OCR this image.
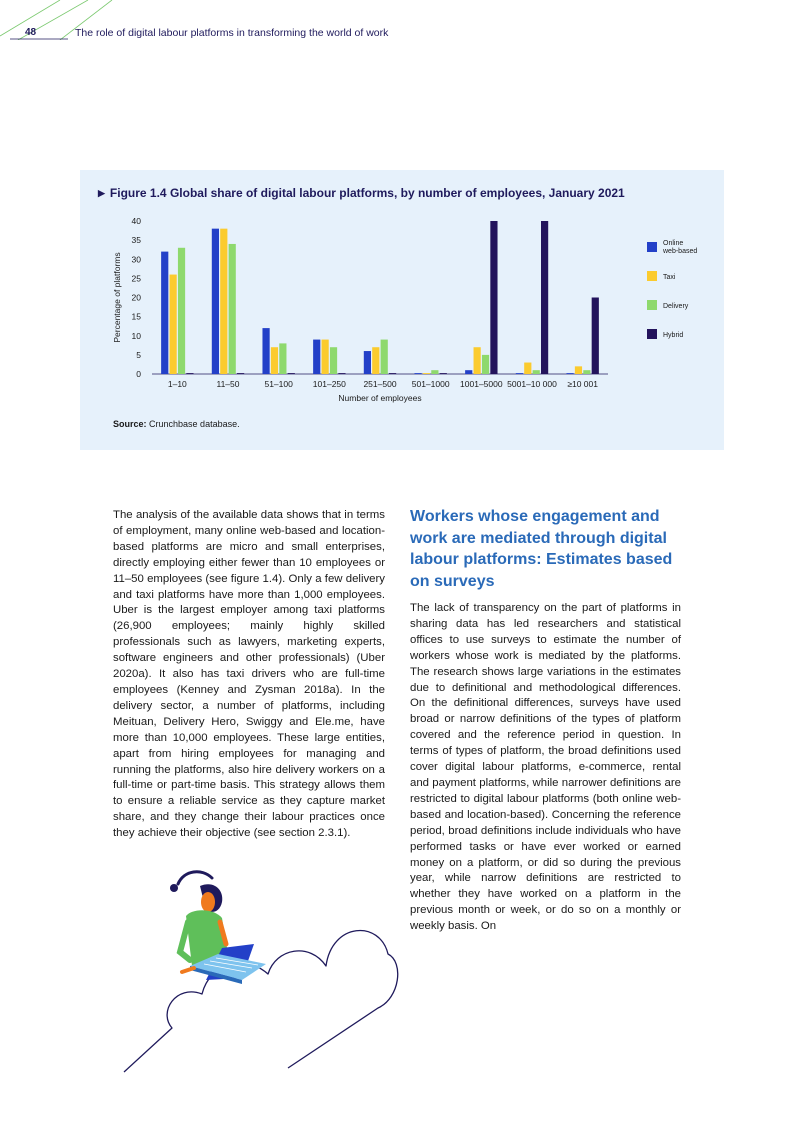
48	The role of digital labour platforms in transforming the world of work
0
5
10
15
20
25
30
35
40
Percentage of platforms
1–10	11–50	51–100 101–250 251–500 501–1000 1001–5000 5001–10 000 ≥10 001
Number of employees
Online
web-based
Taxi
Delivery
Hybrid
▶ Figure 1.4 Global share of digital labour platforms, by number of employees, January 2021
Source: Crunchbase database.

The analysis of the available data shows that in terms of employment, many online web-based and location-based platforms are micro and small enterprises, directly employing either fewer than 10 employees or 11–50 employees (see figure 1.4). Only a few delivery and taxi platforms have more than 1,000 employees. Uber is the largest employer among taxi platforms (26,900 employees; mainly highly skilled professionals such as lawyers, marketing experts, software engineers and other professionals) (Uber 2020a). It also has taxi drivers who are full-time employees (Kenney and Zysman 2018a). In the delivery sector, a number of platforms, including Meituan, Delivery Hero, Swiggy and Ele.me, have more than 10,000 employees. These large entities, apart from hiring employees for managing and running the platforms, also hire delivery workers on a full-time or part-time basis. This strategy allows them to ensure a reliable service as they capture market share, and they change their labour practices once they achieve their objective (see section 2.3.1).

Workers whose engagement and work are mediated through digital labour platforms: Estimates based on surveys

The lack of transparency on the part of platforms in sharing data has led researchers and statistical offices to use surveys to estimate the number of workers whose work is mediated by the platforms. The research shows large variations in the estimates due to definitional and methodological differences. On the definitional differences, surveys have used broad or narrow definitions of the types of platform covered and the reference period in question. In terms of types of platform, the broad definitions used cover digital labour platforms, e-commerce, rental and payment platforms, while narrower definitions are restricted to digital labour platforms (both online web-based and location-based). Concerning the reference period, broad definitions include individuals who have performed tasks or have ever worked or earned money on a platform, or did so during the previous year, while narrow definitions are restricted to whether they have worked on a platform in the previous month or week, or do so on a monthly or weekly basis. On
